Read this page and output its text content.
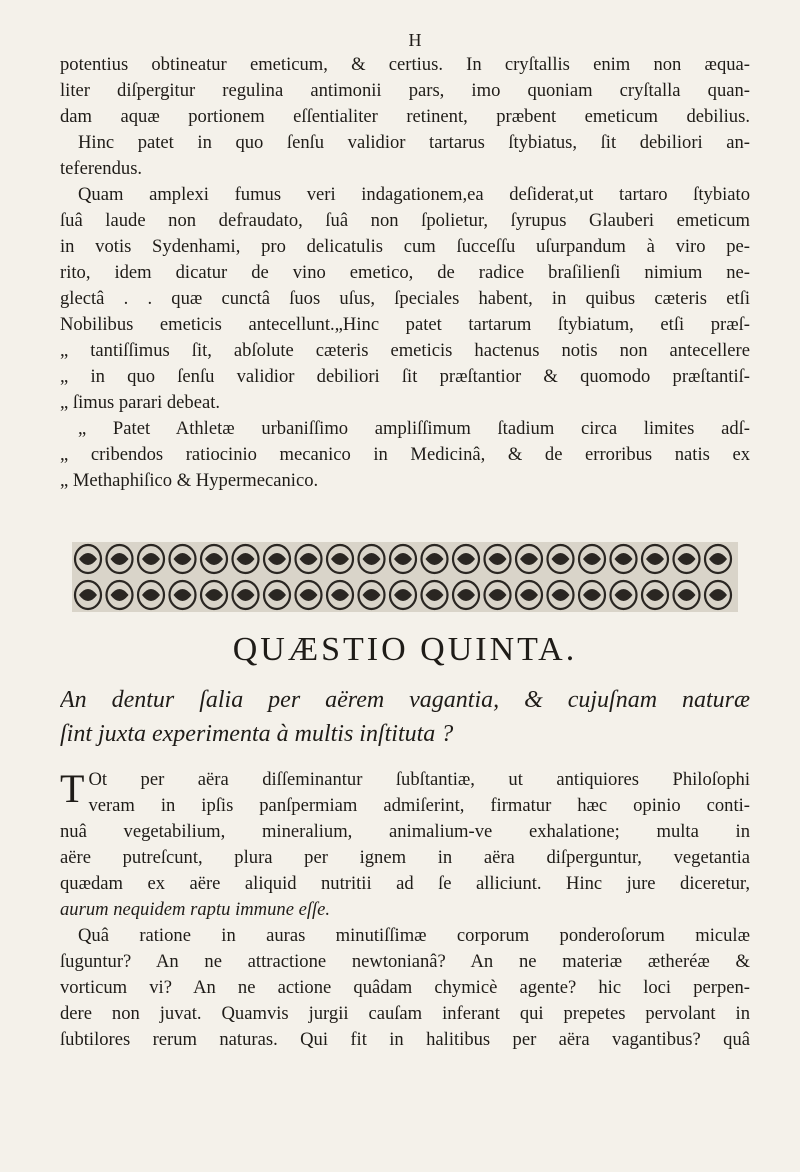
H
potentius obtineatur emeticum, & certius. In cryſtallis enim non æqua-
liter diſpergitur regulina antimonii pars, imo quoniam cryſtalla quan-
dam aquæ portionem eſſentialiter retinent, præbent emeticum debilius.
Hinc patet in quo ſenſu validior tartarus ſtybiatus, ſit debiliori an-
teferendus.
Quam amplexi fumus veri indagationem,ea deſiderat,ut tartaro ſtybiato
ſuâ laude non defraudato, ſuâ non ſpolietur, ſyrupus Glauberi emeticum
in votis Sydenhami, pro delicatulis cum ſucceſſu uſurpandum à viro pe-
rito, idem dicatur de vino emetico, de radice braſilienſi nimium ne-
glectâ . . quæ cunctâ ſuos uſus, ſpeciales habent, in quibus cæteris etſi
Nobilibus emeticis antecellunt.„Hinc patet tartarum ſtybiatum, etſi præſ-
„ tantiſſimus ſit, abſolute cæteris emeticis hactenus notis non antecellere
„ in quo ſenſu validior debiliori ſit præſtantior & quomodo præſtantiſ-
„ ſimus parari debeat.
„ Patet Athletæ urbaniſſimo ampliſſimum ſtadium circa limites adſ-
„ cribendos ratiocinio mecanico in Medicinâ, & de erroribus natis ex
„ Methaphiſico & Hypermecanico.
QUÆSTIO QUINTA.
An dentur ſalia per aërem vagantia, & cujuſnam naturæ
ſint juxta experimenta à multis inſtituta ?
T Ot per aëra diſſeminantur ſubſtantiæ, ut antiquiores Philoſophi
veram in ipſis panſpermiam admiſerint, firmatur hæc opinio conti-
nuâ vegetabilium, mineralium, animalium-ve exhalatione; multa in
aëre putreſcunt, plura per ignem in aëra diſperguntur, vegetantia
quædam ex aëre aliquid nutritii ad ſe alliciunt. Hinc jure diceretur,
aurum nequidem raptu immune eſſe.
Quâ ratione in auras minutiſſimæ corporum ponderoſorum miculæ
ſuguntur? An ne attractione newtonianâ? An ne materiæ ætheréæ &
vorticum vi? An ne actione quâdam chymicè agente? hic loci perpen-
dere non juvat. Quamvis jurgii cauſam inferant qui prepetes pervolant in
ſubtilores rerum naturas. Qui fit in halitibus per aëra vagantibus? quâ
